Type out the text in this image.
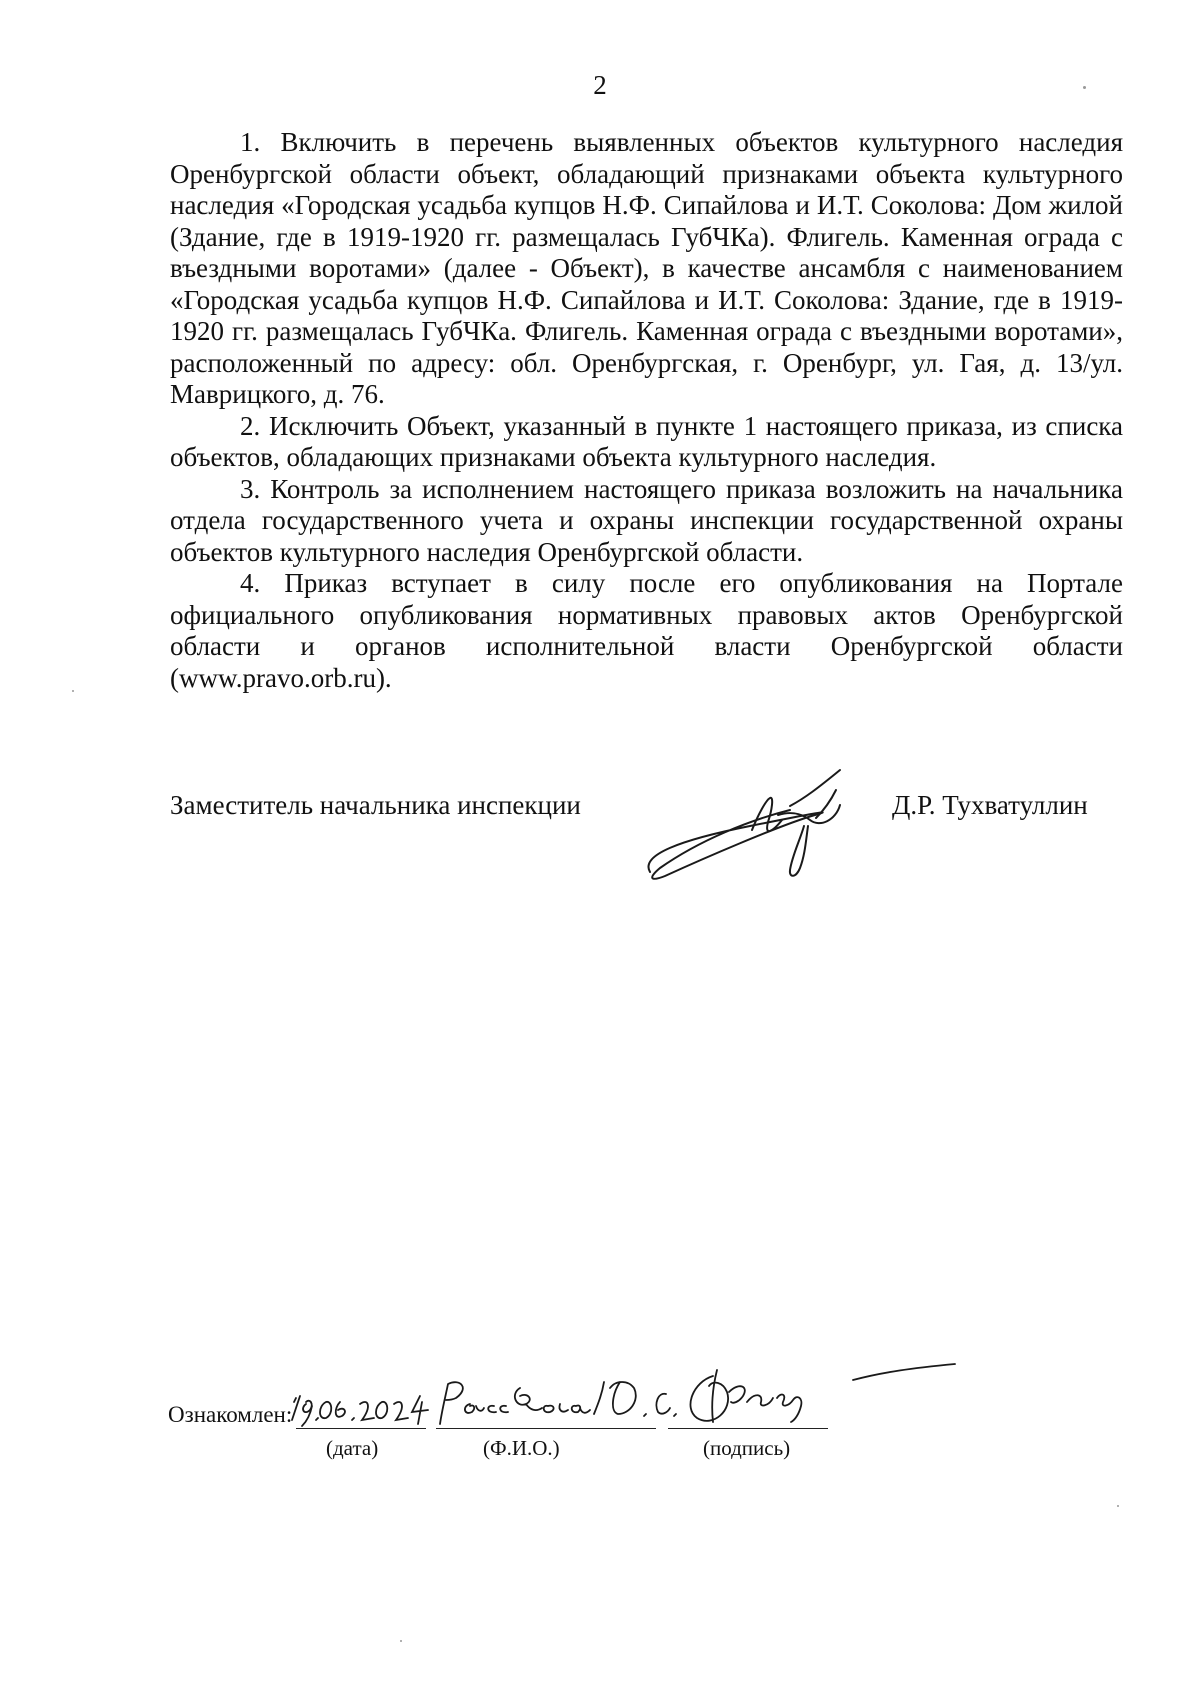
2

1. Включить в перечень выявленных объектов культурного наследия Оренбургской области объект, обладающий признаками объекта культурного наследия «Городская усадьба купцов Н.Ф. Сипайлова и И.Т. Соколова: Дом жилой (Здание, где в 1919-1920 гг. размещалась ГубЧКа). Флигель. Каменная ограда с въездными воротами» (далее - Объект), в качестве ансамбля с наименованием «Городская усадьба купцов Н.Ф. Сипайлова и И.Т. Соколова: Здание, где в 1919-1920 гг. размещалась ГубЧКа. Флигель. Каменная ограда с въездными воротами», расположенный по адресу: обл. Оренбургская, г. Оренбург, ул. Гая, д. 13/ул. Маврицкого, д. 76.

2. Исключить Объект, указанный в пункте 1 настоящего приказа, из списка объектов, обладающих признаками объекта культурного наследия.

3. Контроль за исполнением настоящего приказа возложить на начальника отдела государственного учета и охраны инспекции государственной охраны объектов культурного наследия Оренбургской области.

4. Приказ вступает в силу после его опубликования на Портале официального опубликования нормативных правовых актов Оренбургской области и органов исполнительной власти Оренбургской области (www.pravo.orb.ru).

Заместитель начальника инспекции	Д.Р. Тухватуллин
Ознакомлен:
(дата)	(Ф.И.О.)	(подпись)
